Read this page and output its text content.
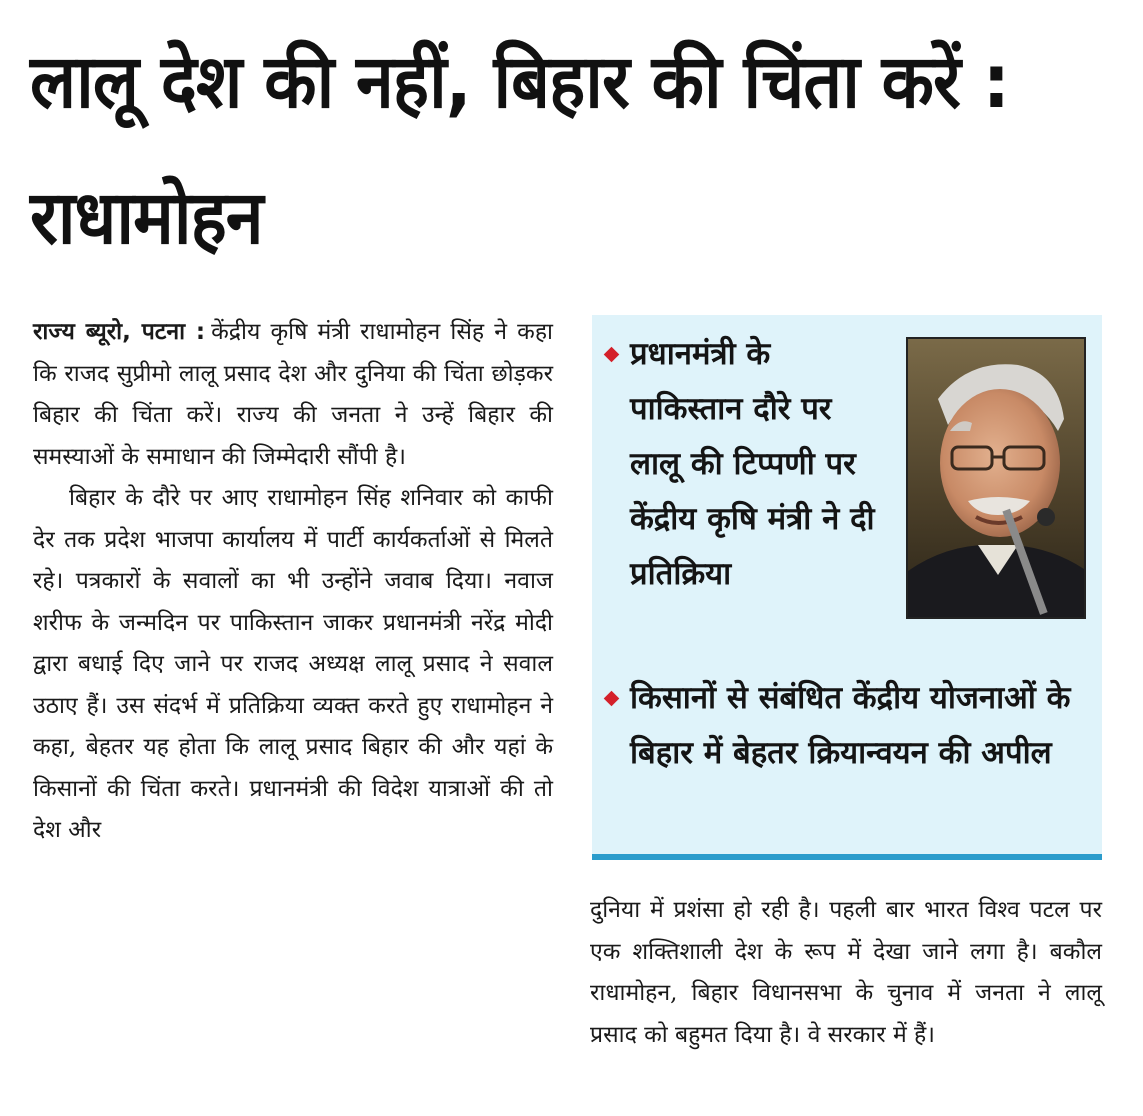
लालू देश की नहीं, बिहार की चिंता करें : राधामोहन

राज्य ब्यूरो, पटना : केंद्रीय कृषि मंत्री राधामोहन सिंह ने कहा कि राजद सुप्रीमो लालू प्रसाद देश और दुनिया की चिंता छोड़कर बिहार की चिंता करें। राज्य की जनता ने उन्हें बिहार की समस्याओं के समाधान की जिम्मेदारी सौंपी है।

बिहार के दौरे पर आए राधामोहन सिंह शनिवार को काफी देर तक प्रदेश भाजपा कार्यालय में पार्टी कार्यकर्ताओं से मिलते रहे। पत्रकारों के सवालों का भी उन्होंने जवाब दिया। नवाज शरीफ के जन्मदिन पर पाकिस्तान जाकर प्रधानमंत्री नरेंद्र मोदी द्वारा बधाई दिए जाने पर राजद अध्यक्ष लालू प्रसाद ने सवाल उठाए हैं। उस संदर्भ में प्रतिक्रिया व्यक्त करते हुए राधामोहन ने कहा, बेहतर यह होता कि लालू प्रसाद बिहार की और यहां के किसानों की चिंता करते। प्रधानमंत्री की विदेश यात्राओं की तो देश और

प्रधानमंत्री के पाकिस्तान दौरे पर लालू की टिप्पणी पर केंद्रीय कृषि मंत्री ने दी प्रतिक्रिया
किसानों से संबंधित केंद्रीय योजनाओं के बिहार में बेहतर क्रियान्वयन की अपील

दुनिया में प्रशंसा हो रही है। पहली बार भारत विश्व पटल पर एक शक्तिशाली देश के रूप में देखा जाने लगा है। बकौल राधामोहन, बिहार विधानसभा के चुनाव में जनता ने लालू प्रसाद को बहुमत दिया है। वे सरकार में हैं।
